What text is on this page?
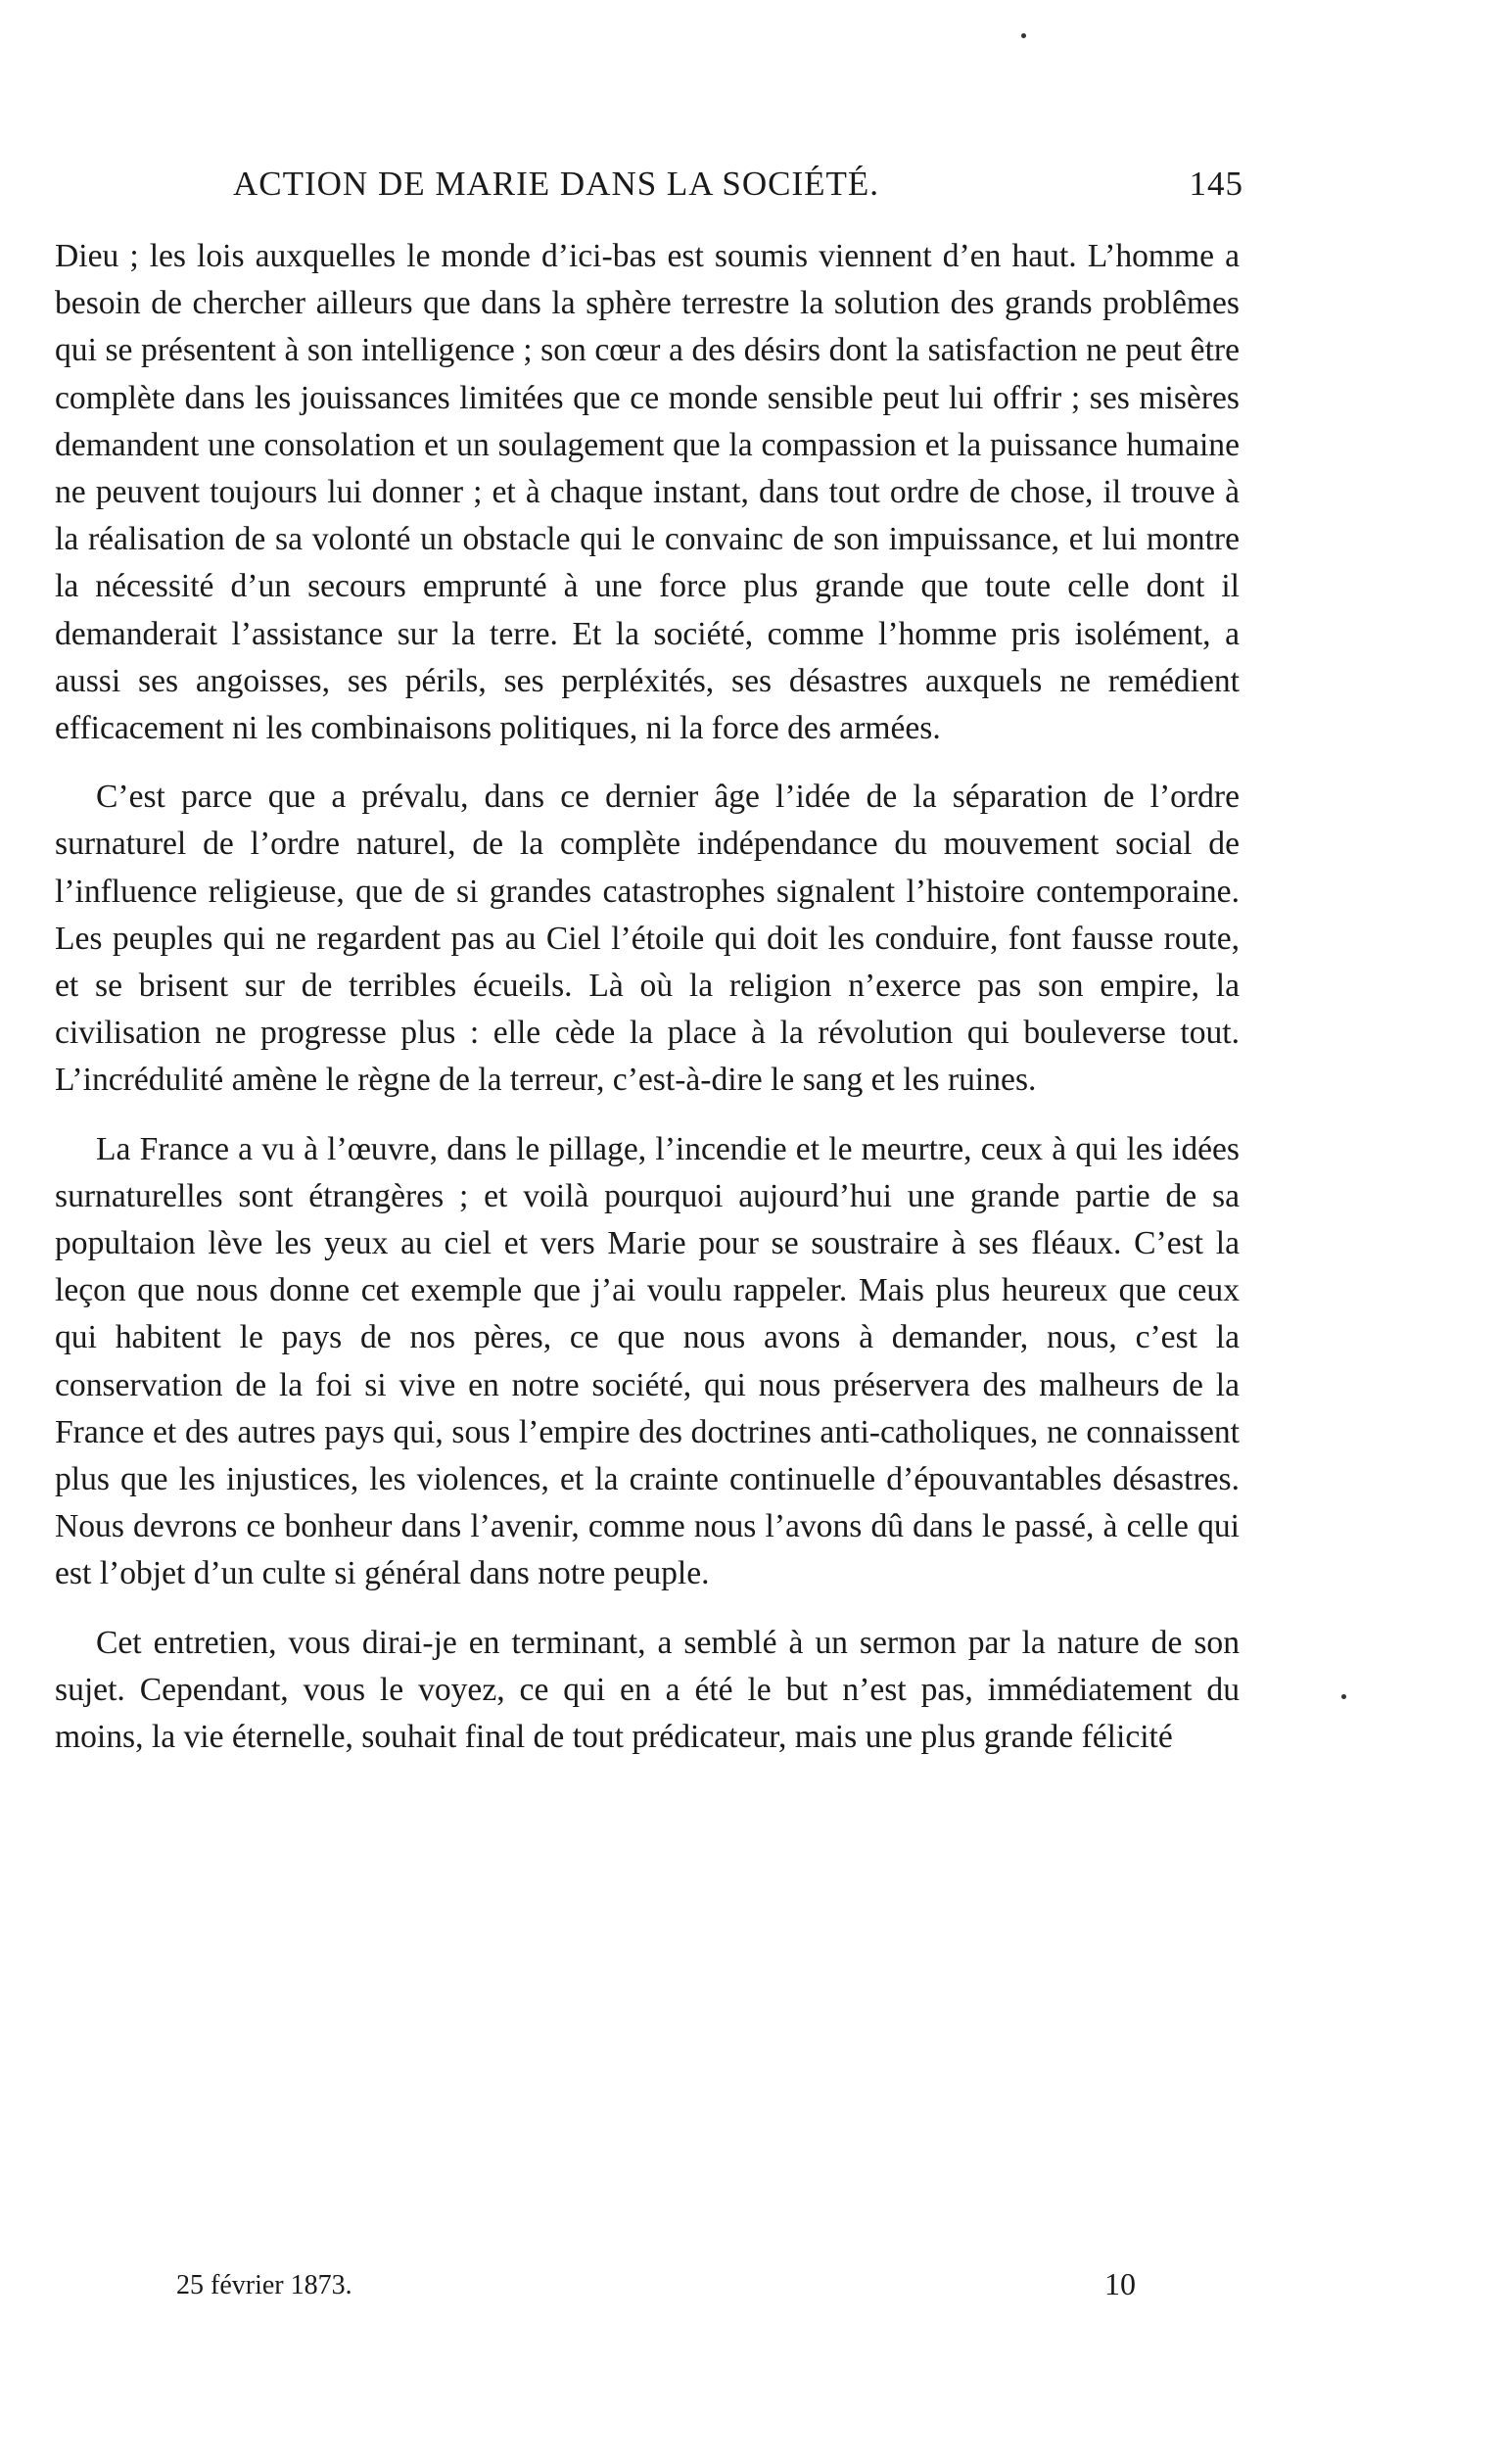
ACTION DE MARIE DANS LA SOCIÉTÉ.	145

Dieu ; les lois auxquelles le monde d’ici-bas est soumis viennent d’en haut. L’homme a besoin de chercher ailleurs que dans la sphère terrestre la solution des grands problêmes qui se présentent à son intelligence ; son cœur a des désirs dont la satisfaction ne peut être complète dans les jouissances limitées que ce monde sensible peut lui offrir ; ses misères demandent une consolation et un soulagement que la compassion et la puissance humaine ne peuvent toujours lui donner ; et à chaque instant, dans tout ordre de chose, il trouve à la réalisation de sa volonté un obstacle qui le convainc de son impuissance, et lui montre la nécessité d’un secours emprunté à une force plus grande que toute celle dont il demanderait l’assistance sur la terre. Et la société, comme l’homme pris isolément, a aussi ses angoisses, ses périls, ses perpléxités, ses désastres auxquels ne remédient efficacement ni les combinaisons politiques, ni la force des armées.

C’est parce que a prévalu, dans ce dernier âge l’idée de la séparation de l’ordre surnaturel de l’ordre naturel, de la complète indépendance du mouvement social de l’influence religieuse, que de si grandes catastrophes signalent l’histoire contemporaine. Les peuples qui ne regardent pas au Ciel l’étoile qui doit les conduire, font fausse route, et se brisent sur de terribles écueils. Là où la religion n’exerce pas son empire, la civilisation ne progresse plus : elle cède la place à la révolution qui bouleverse tout. L’incrédulité amène le règne de la terreur, c’est-à-dire le sang et les ruines.

La France a vu à l’œuvre, dans le pillage, l’incendie et le meurtre, ceux à qui les idées surnaturelles sont étrangères ; et voilà pourquoi aujourd’hui une grande partie de sa popultaion lève les yeux au ciel et vers Marie pour se soustraire à ses fléaux. C’est la leçon que nous donne cet exemple que j’ai voulu rappeler. Mais plus heureux que ceux qui habitent le pays de nos pères, ce que nous avons à demander, nous, c’est la conservation de la foi si vive en notre société, qui nous préservera des malheurs de la France et des autres pays qui, sous l’empire des doctrines anti-catholiques, ne connaissent plus que les injustices, les violences, et la crainte continuelle d’épouvantables désastres. Nous devrons ce bonheur dans l’avenir, comme nous l’avons dû dans le passé, à celle qui est l’objet d’un culte si général dans notre peuple.

Cet entretien, vous dirai-je en terminant, a semblé à un sermon par la nature de son sujet. Cependant, vous le voyez, ce qui en a été le but n’est pas, immédiatement du moins, la vie éternelle, souhait final de tout prédicateur, mais une plus grande félicité

25 février 1873.	10
